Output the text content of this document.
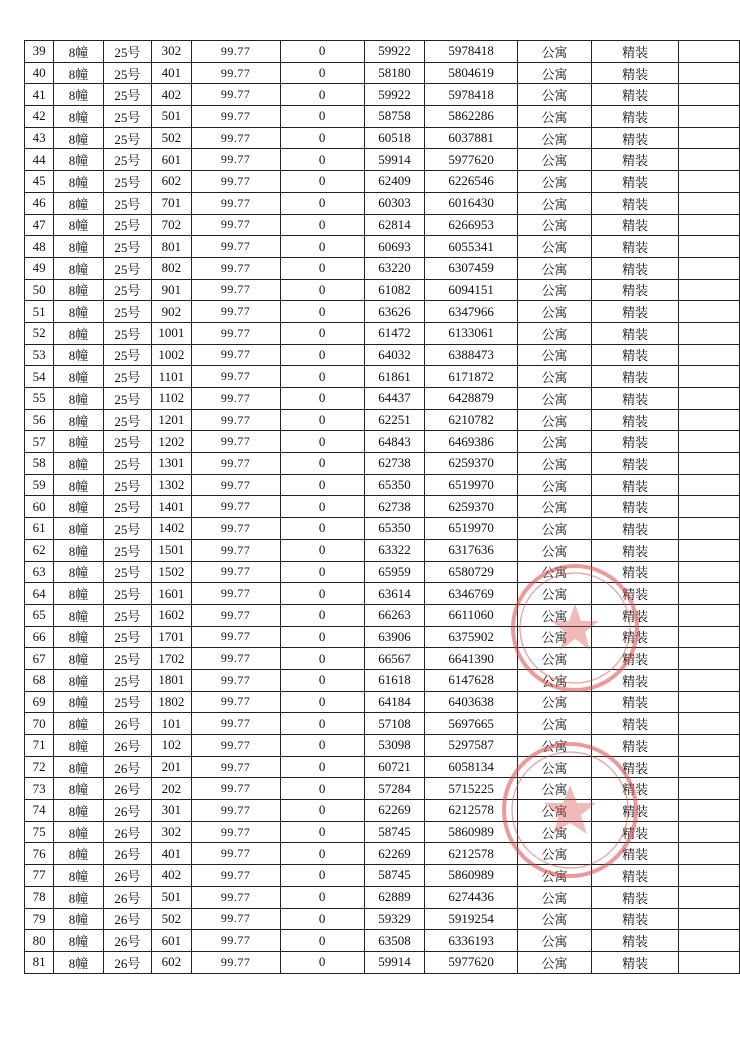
39	8幢	25号	302	99.77	0	59922	5978418	公寓	精装	
40	8幢	25号	401	99.77	0	58180	5804619	公寓	精装	
41	8幢	25号	402	99.77	0	59922	5978418	公寓	精装	
42	8幢	25号	501	99.77	0	58758	5862286	公寓	精装	
43	8幢	25号	502	99.77	0	60518	6037881	公寓	精装	
44	8幢	25号	601	99.77	0	59914	5977620	公寓	精装	
45	8幢	25号	602	99.77	0	62409	6226546	公寓	精装	
46	8幢	25号	701	99.77	0	60303	6016430	公寓	精装	
47	8幢	25号	702	99.77	0	62814	6266953	公寓	精装	
48	8幢	25号	801	99.77	0	60693	6055341	公寓	精装	
49	8幢	25号	802	99.77	0	63220	6307459	公寓	精装	
50	8幢	25号	901	99.77	0	61082	6094151	公寓	精装	
51	8幢	25号	902	99.77	0	63626	6347966	公寓	精装	
52	8幢	25号	1001	99.77	0	61472	6133061	公寓	精装	
53	8幢	25号	1002	99.77	0	64032	6388473	公寓	精装	
54	8幢	25号	1101	99.77	0	61861	6171872	公寓	精装	
55	8幢	25号	1102	99.77	0	64437	6428879	公寓	精装	
56	8幢	25号	1201	99.77	0	62251	6210782	公寓	精装	
57	8幢	25号	1202	99.77	0	64843	6469386	公寓	精装	
58	8幢	25号	1301	99.77	0	62738	6259370	公寓	精装	
59	8幢	25号	1302	99.77	0	65350	6519970	公寓	精装	
60	8幢	25号	1401	99.77	0	62738	6259370	公寓	精装	
61	8幢	25号	1402	99.77	0	65350	6519970	公寓	精装	
62	8幢	25号	1501	99.77	0	63322	6317636	公寓	精装	
63	8幢	25号	1502	99.77	0	65959	6580729	公寓	精装	
64	8幢	25号	1601	99.77	0	63614	6346769	公寓	精装	
65	8幢	25号	1602	99.77	0	66263	6611060	公寓	精装	
66	8幢	25号	1701	99.77	0	63906	6375902	公寓	精装	
67	8幢	25号	1702	99.77	0	66567	6641390	公寓	精装	
68	8幢	25号	1801	99.77	0	61618	6147628	公寓	精装	
69	8幢	25号	1802	99.77	0	64184	6403638	公寓	精装	
70	8幢	26号	101	99.77	0	57108	5697665	公寓	精装	
71	8幢	26号	102	99.77	0	53098	5297587	公寓	精装	
72	8幢	26号	201	99.77	0	60721	6058134	公寓	精装	
73	8幢	26号	202	99.77	0	57284	5715225	公寓	精装	
74	8幢	26号	301	99.77	0	62269	6212578	公寓	精装	
75	8幢	26号	302	99.77	0	58745	5860989	公寓	精装	
76	8幢	26号	401	99.77	0	62269	6212578	公寓	精装	
77	8幢	26号	402	99.77	0	58745	5860989	公寓	精装	
78	8幢	26号	501	99.77	0	62889	6274436	公寓	精装	
79	8幢	26号	502	99.77	0	59329	5919254	公寓	精装	
80	8幢	26号	601	99.77	0	63508	6336193	公寓	精装	
81	8幢	26号	602	99.77	0	59914	5977620	公寓	精装	
